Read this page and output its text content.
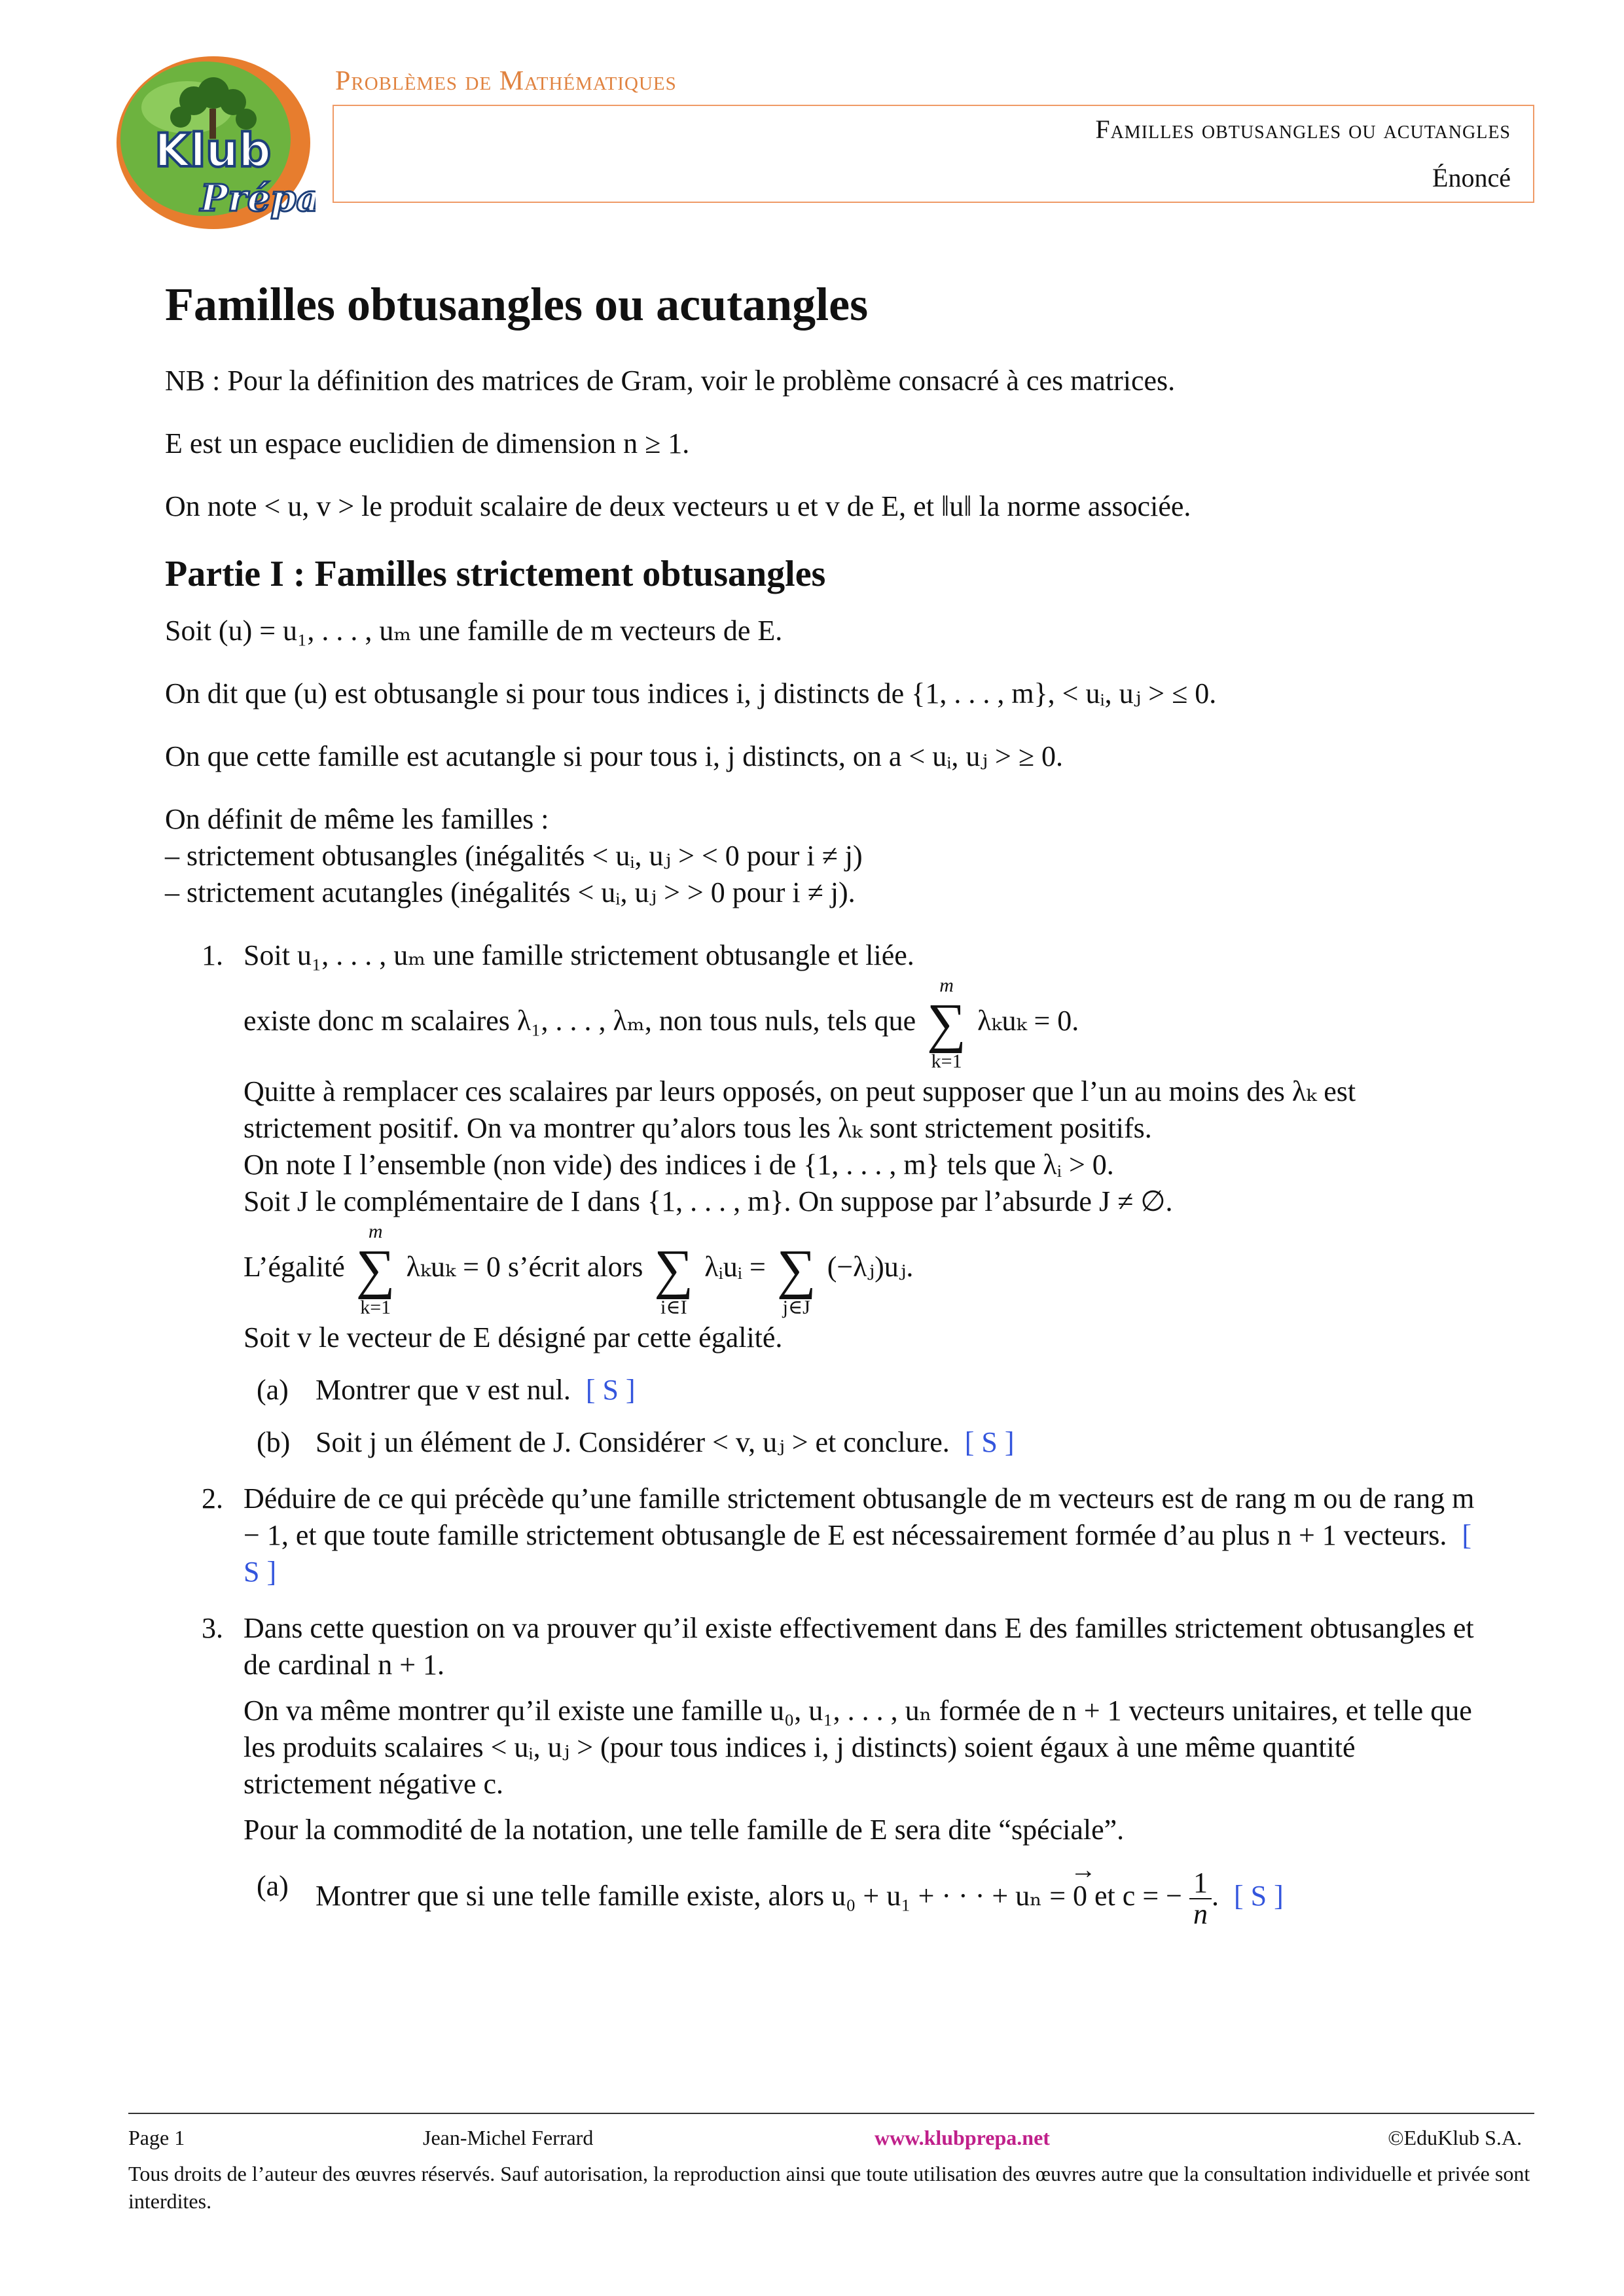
Klub
Prépa
Problèmes de Mathématiques
Familles obtusangles ou acutangles
Énoncé
Familles obtusangles ou acutangles

NB : Pour la définition des matrices de Gram, voir le problème consacré à ces matrices.

E est un espace euclidien de dimension n ≥ 1.

On note < u, v > le produit scalaire de deux vecteurs u et v de E, et ‖u‖ la norme associée.

Partie I : Familles strictement obtusangles

Soit (u) = u₁, . . . , uₘ une famille de m vecteurs de E.

On dit que (u) est obtusangle si pour tous indices i, j distincts de {1, . . . , m}, < uᵢ, uⱼ > ≤ 0.

On que cette famille est acutangle si pour tous i, j distincts, on a < uᵢ, uⱼ > ≥ 0.

On définit de même les familles :
– strictement obtusangles (inégalités < uᵢ, uⱼ > < 0 pour i ≠ j)
– strictement acutangles (inégalités < uᵢ, uⱼ > > 0 pour i ≠ j).
1. Soit u₁, . . . , uₘ une famille strictement obtusangle et liée.
existe donc m scalaires λ₁, . . . , λₘ, non tous nuls, tels que
m
∑
k=1
λₖuₖ = 0.
Quitte à remplacer ces scalaires par leurs opposés, on peut supposer que l’un au moins des λₖ est strictement positif. On va montrer qu’alors tous les λₖ sont strictement positifs.
On note I l’ensemble (non vide) des indices i de {1, . . . , m} tels que λᵢ > 0.
Soit J le complémentaire de I dans {1, . . . , m}. On suppose par l’absurde J ≠ ∅.
L’égalité
m
∑
k=1
λₖuₖ = 0 s’écrit alors
∑
i∈I
λᵢuᵢ =
∑
j∈J
(−λⱼ)uⱼ.
Soit v le vecteur de E désigné par cette égalité.
(a) Montrer que v est nul. [ S ]
(b) Soit j un élément de J. Considérer < v, uⱼ > et conclure. [ S ]
2. Déduire de ce qui précède qu’une famille strictement obtusangle de m vecteurs est de rang m ou de rang m − 1, et que toute famille strictement obtusangle de E est nécessairement formée d’au plus n + 1 vecteurs. [ S ]
3. Dans cette question on va prouver qu’il existe effectivement dans E des familles strictement obtusangles et de cardinal n + 1.
On va même montrer qu’il existe une famille u₀, u₁, . . . , uₙ formée de n + 1 vecteurs unitaires, et telle que les produits scalaires < uᵢ, uⱼ > (pour tous indices i, j distincts) soient égaux à une même quantité strictement négative c.
Pour la commodité de la notation, une telle famille de E sera dite “spéciale”.
(a) Montrer que si une telle famille existe, alors u₀ + u₁ + · · · + uₙ = → 0 et c = − $\frac{1}{n}$ . [ S ]
Page 1	Jean-Michel Ferrard	www.klubprepa.net	©EduKlub S.A.
Tous droits de l’auteur des œuvres réservés. Sauf autorisation, la reproduction ainsi que toute utilisation des œuvres autre que la consultation individuelle et privée sont interdites.
